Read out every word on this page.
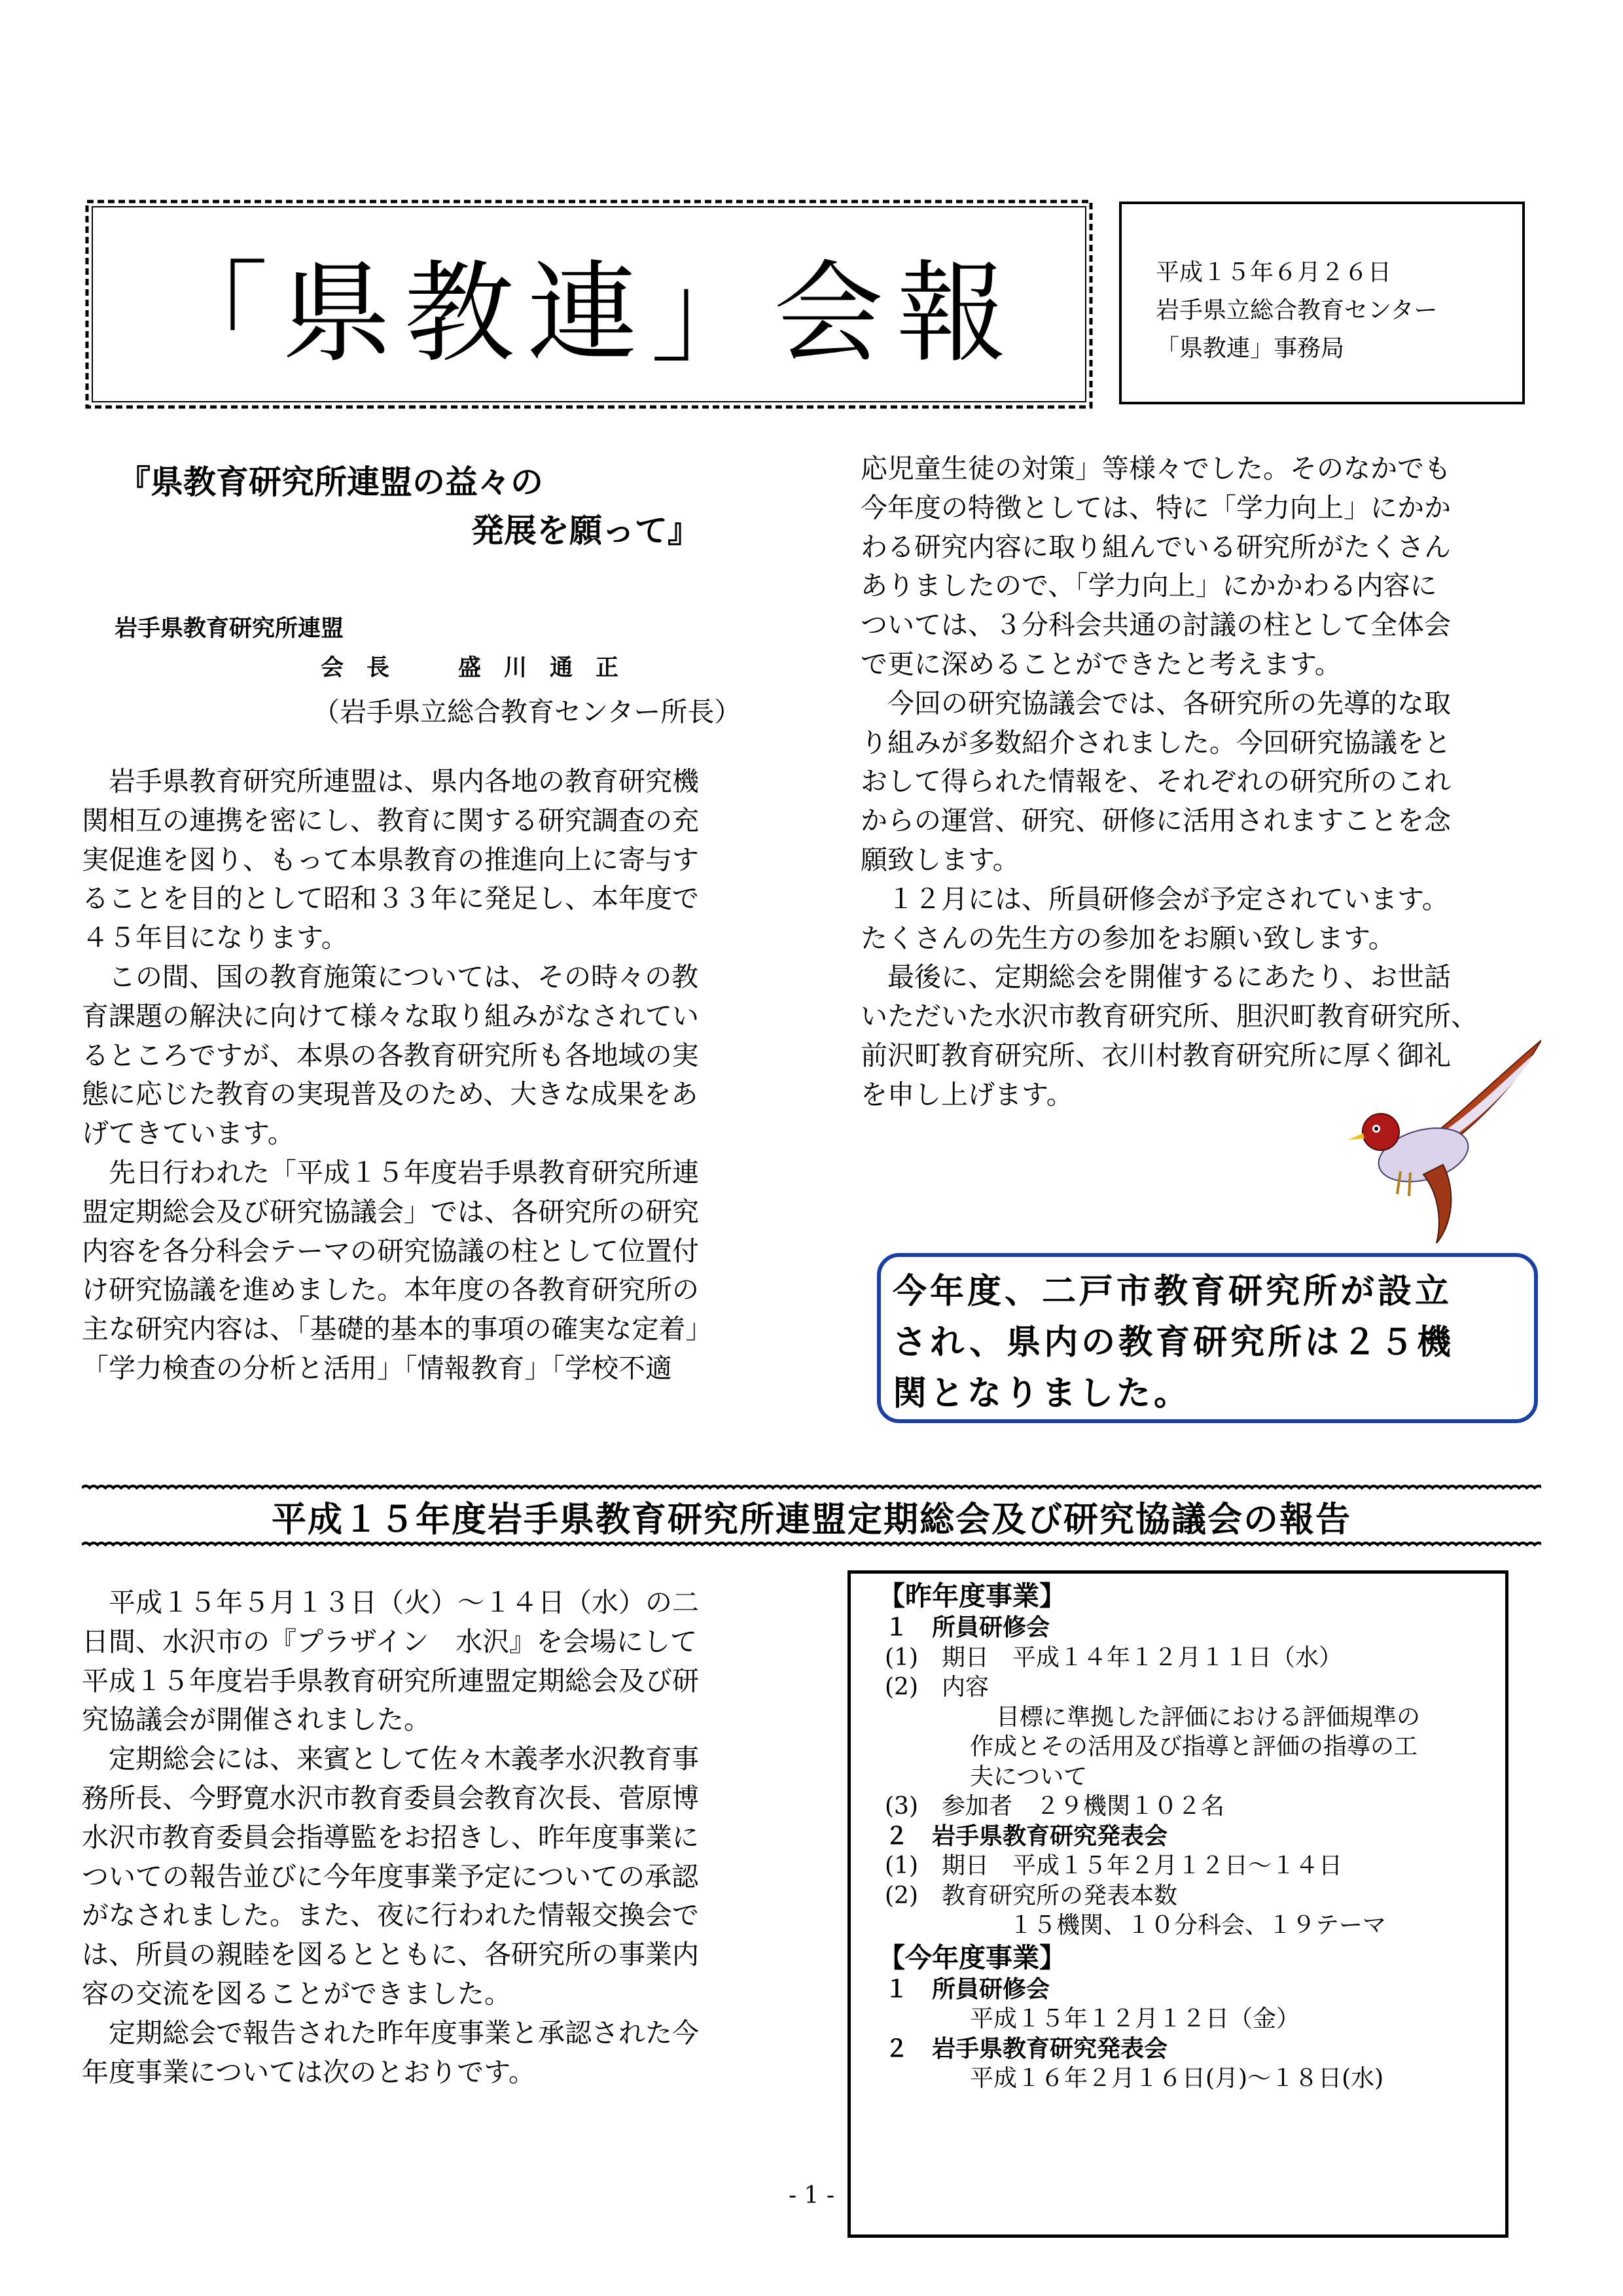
「県教連」会報	平成１５年６月２６日
岩手県立総合教育センター
「県教連」事務局
『県教育研究所連盟の益々の
発展を願って』
岩手県教育研究所連盟
会　長　　　盛　川　通　正
（岩手県立総合教育センター所長）

　岩手県教育研究所連盟は、県内各地の教育研究機

関相互の連携を密にし、教育に関する研究調査の充

実促進を図り、もって本県教育の推進向上に寄与す

ることを目的として昭和３３年に発足し、本年度で

４５年目になります。

　この間、国の教育施策については、その時々の教

育課題の解決に向けて様々な取り組みがなされてい

るところですが、本県の各教育研究所も各地域の実

態に応じた教育の実現普及のため、大きな成果をあ

げてきています。

　先日行われた「平成１５年度岩手県教育研究所連

盟定期総会及び研究協議会」では、各研究所の研究

内容を各分科会テーマの研究協議の柱として位置付

け研究協議を進めました。本年度の各教育研究所の

主な研究内容は、「基礎的基本的事項の確実な定着」

「学力検査の分析と活用」「情報教育」「学校不適

応児童生徒の対策」等様々でした。そのなかでも

今年度の特徴としては、特に「学力向上」にかか

わる研究内容に取り組んでいる研究所がたくさん

ありましたので、「学力向上」にかかわる内容に

ついては、３分科会共通の討議の柱として全体会

で更に深めることができたと考えます。

　今回の研究協議会では、各研究所の先導的な取

り組みが多数紹介されました。今回研究協議をと

おして得られた情報を、それぞれの研究所のこれ

からの運営、研究、研修に活用されますことを念

願致します。

　１２月には、所員研修会が予定されています。

たくさんの先生方の参加をお願い致します。

　最後に、定期総会を開催するにあたり、お世話

いただいた水沢市教育研究所、胆沢町教育研究所、

前沢町教育研究所、衣川村教育研究所に厚く御礼

を申し上げます。

今年度、二戸市教育研究所が設立
され、県内の教育研究所は２５機
関となりました。
平成１５年度岩手県教育研究所連盟定期総会及び研究協議会の報告

　平成１５年５月１３日（火）～１４日（水）の二

日間、水沢市の『プラザイン　水沢』を会場にして

平成１５年度岩手県教育研究所連盟定期総会及び研

究協議会が開催されました。

　定期総会には、来賓として佐々木義孝水沢教育事

務所長、今野寛水沢市教育委員会教育次長、菅原博

水沢市教育委員会指導監をお招きし、昨年度事業に

ついての報告並びに今年度事業予定についての承認

がなされました。また、夜に行われた情報交換会で

は、所員の親睦を図るとともに、各研究所の事業内

容の交流を図ることができました。

　定期総会で報告された昨年度事業と承認された今

年度事業については次のとおりです。

【昨年度事業】
１　所員研修会
(1)　期日　平成１４年１２月１１日（水）
(2)　内容
目標に準拠した評価における評価規準の
作成とその活用及び指導と評価の指導の工
夫について
(3)　参加者　２９機関１０２名
２　岩手県教育研究発表会
(1)　期日　平成１５年２月１２日～１４日
(2)　教育研究所の発表本数
１５機関、１０分科会、１９テーマ
【今年度事業】
１　所員研修会
平成１５年１２月１２日（金）
２　岩手県教育研究発表会
平成１６年２月１６日(月)～１８日(水)
- 1 -
